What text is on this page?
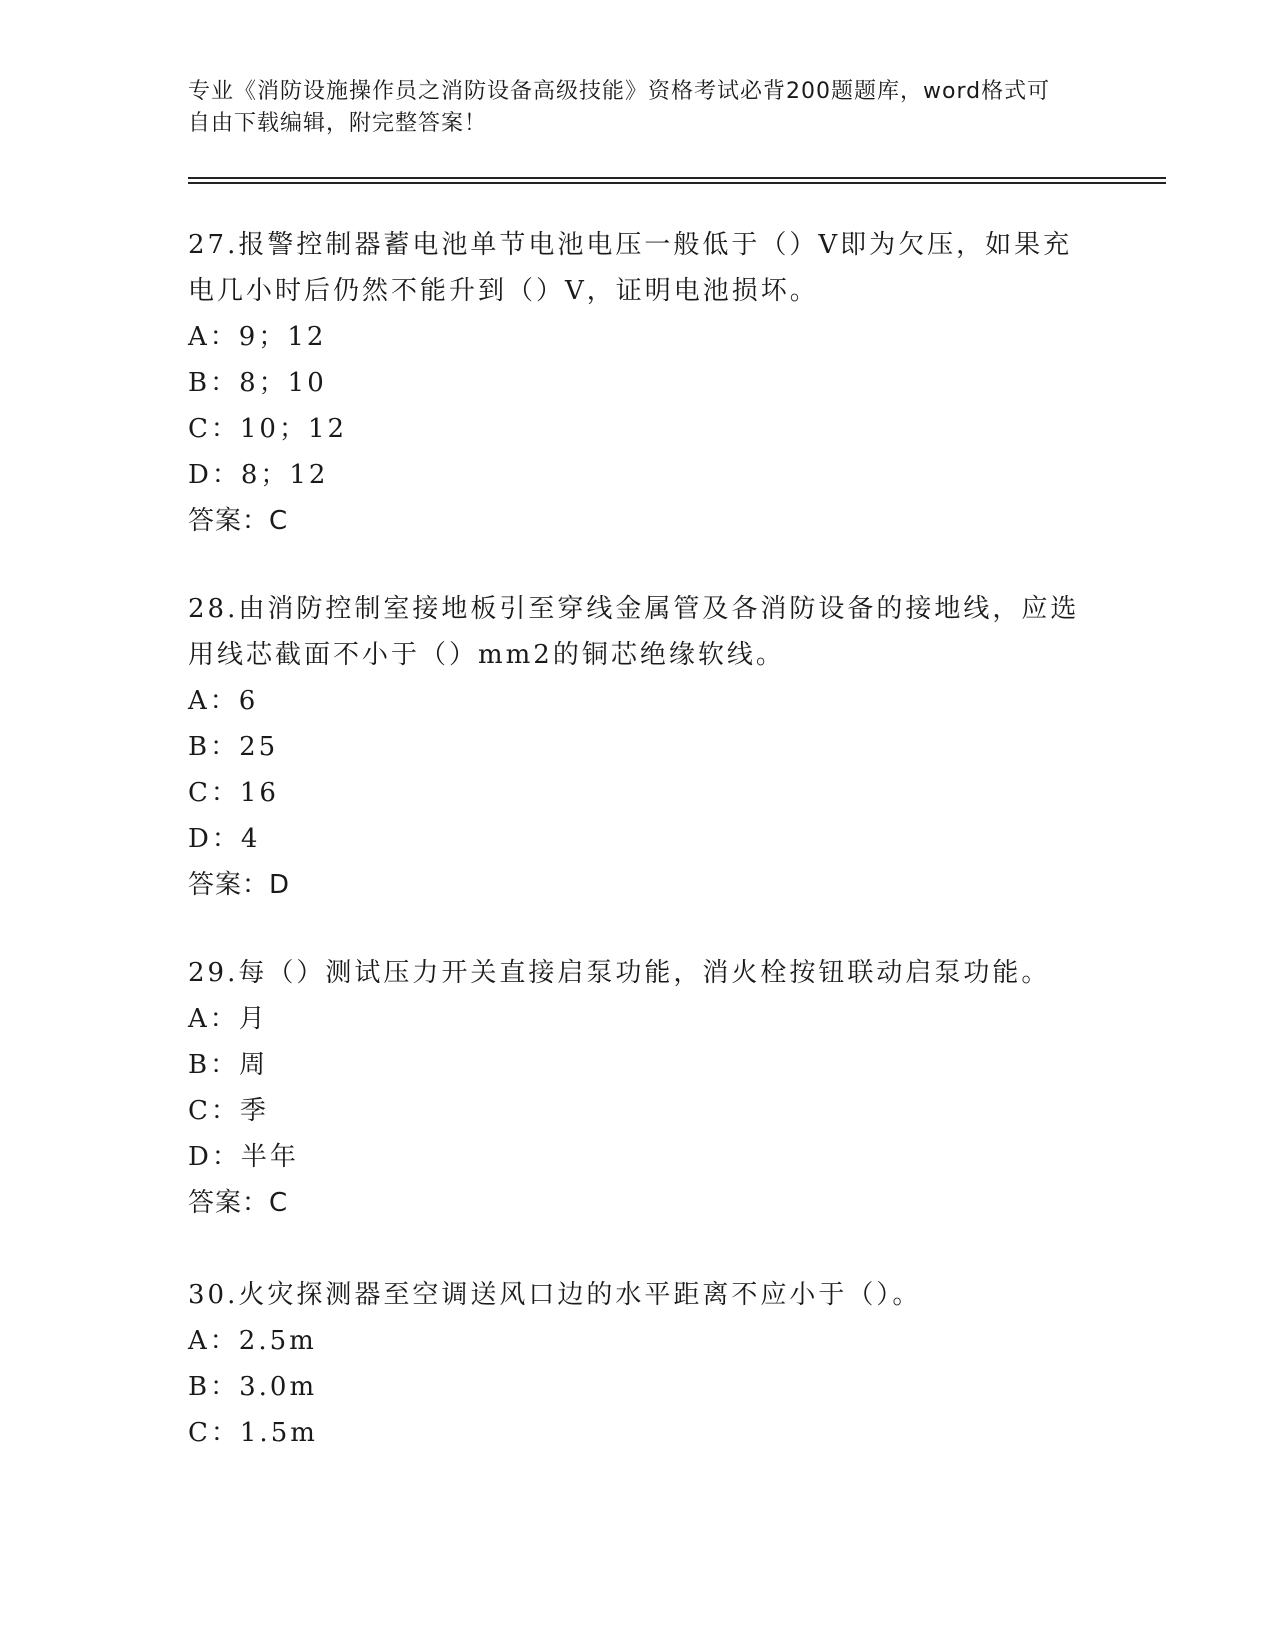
专业《消防设施操作员之消防设备高级技能》资格考试必背200题题库，word格式可自由下载编辑，附完整答案！

27.报警控制器蓄电池单节电池电压一般低于（）V即为欠压，如果充电几小时后仍然不能升到（）V，证明电池损坏。

A：9；12

B：8；10

C：10；12

D：8；12

答案：C

28.由消防控制室接地板引至穿线金属管及各消防设备的接地线，应选用线芯截面不小于（）mm2的铜芯绝缘软线。

A：6

B：25

C：16

D：4

答案：D

29.每（）测试压力开关直接启泵功能，消火栓按钮联动启泵功能。

A：月

B：周

C：季

D：半年

答案：C

30.火灾探测器至空调送风口边的水平距离不应小于（）。

A：2.5m

B：3.0m

C：1.5m
